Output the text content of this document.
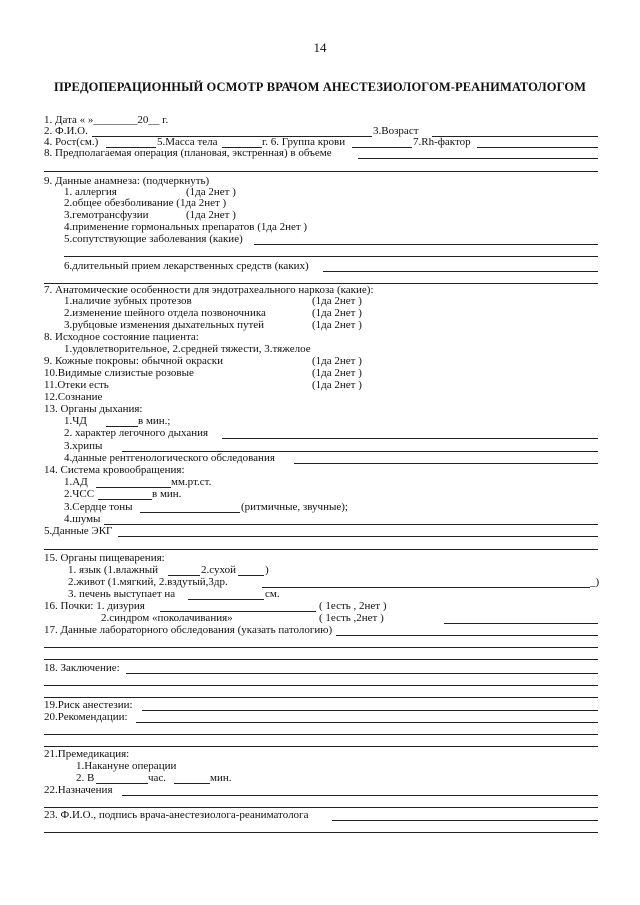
14
ПРЕДОПЕРАЦИОННЫЙ ОСМОТР ВРАЧОМ АНЕСТЕЗИОЛОГОМ-РЕАНИМАТОЛОГОМ
1. Дата « »________20__ г.
2. Ф.И.О.	3.Возраст
4. Рост(см.)	5.Масса тела	г. 6. Группа крови	7.Rh-фактор
8. Предполагаемая операция (плановая, экстренная) в объеме
9. Данные анамнеза: (подчеркнуть)
1. аллергия	(1да 2нет )
2.общее обезболивание (1да 2нет )
3.гемотрансфузии	(1да 2нет )
4.применение гормональных препаратов (1да 2нет )
5.сопутствующие заболевания (какие)
6.длительный прием лекарственных средств (каких)
7. Анатомические особенности для эндотрахеального наркоза (какие):
1.наличие зубных протезов	(1да 2нет )
2.изменение шейного отдела позвоночника	(1да 2нет )
3.рубцовые изменения дыхательных путей	(1да 2нет )
8. Исходное состояние пациента:
1.удовлетворительное, 2.средней тяжести, 3.тяжелое
9. Кожные покровы: обычной окраски	(1да 2нет )
10.Видимые слизистые розовые	(1да 2нет )
11.Отеки есть	(1да 2нет )
12.Сознание
13. Органы дыхания:
1.ЧД	в мин.;
2. характер легочного дыхания
3.хрипы
4.данные рентгенологического обследования
14. Система кровообращения:
1.АД	мм.рт.ст.
2.ЧСС	в мин.
3.Сердце тоны	(ритмичные, звучные);
4.шумы
5.Данные ЭКГ
15. Органы пищеварения:
1. язык (1.влажный	2.сухой	)
2.живот (1.мягкий, 2.вздутый,3др.	_)
3. печень выступает на	см.
16. Почки: 1. дизурия	( 1есть , 2нет )
2.синдром «поколачивания»	( 1есть ,2нет )
17. Данные лабораторного обследования (указать патологию)
18. Заключение:
19.Риск анестезии:
20.Рекомендации:
21.Премедикация:
1.Накануне операции
2. В	час.	мин.
22.Назначения
23. Ф.И.О., подпись врача-анестезиолога-реаниматолога
